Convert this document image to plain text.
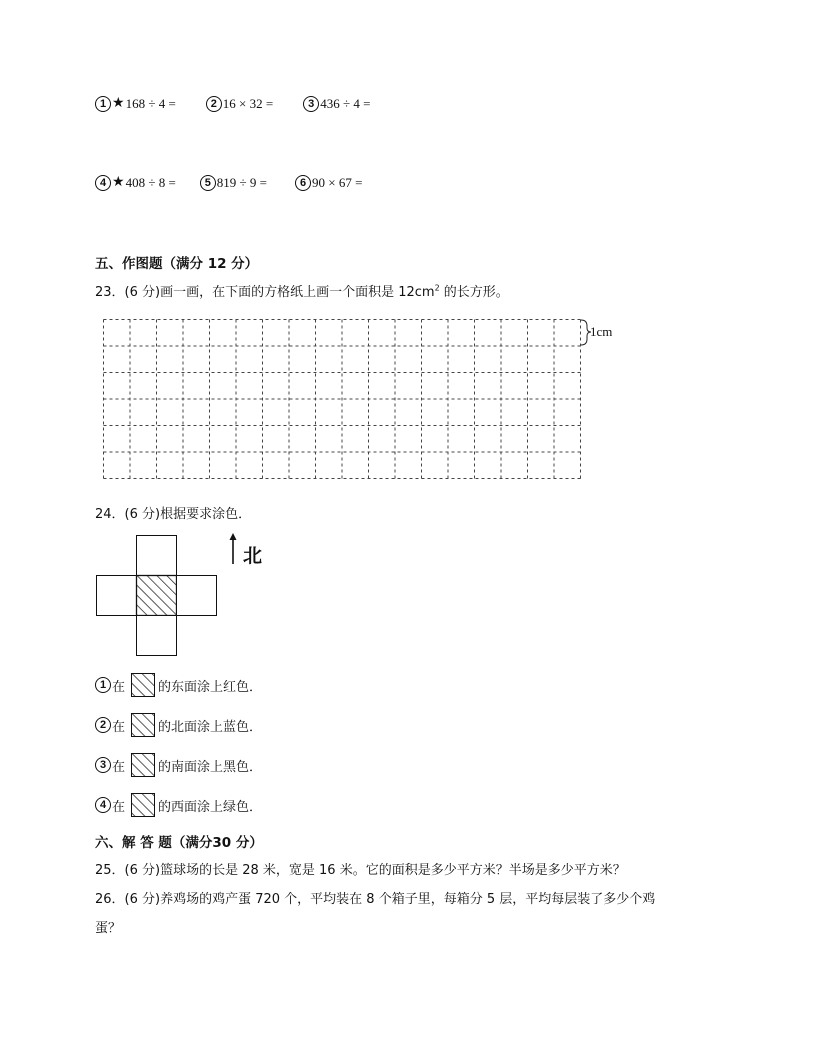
1 ★ 168 ÷ 4 =	2 16 × 32 =	3 436 ÷ 4 =
4 ★ 408 ÷ 8 =	5 819 ÷ 9 =	6 90 × 67 =
五、作图题（满分 12 分）
23．(6 分)画一画，在下面的方格纸上画一个面积是 $12cm^2$ 的长方形。
1cm
24．(6 分)根据要求涂色．
北
1 在	的东面涂上红色．
2 在	的北面涂上蓝色．
3 在	的南面涂上黑色．
4 在	的西面涂上绿色．
六、解 答 题（满分30 分）
25．(6 分)篮球场的长是 28 米，宽是 16 米。它的面积是多少平方米？半场是多少平方米？
26．(6 分)养鸡场的鸡产蛋 720 个，平均装在 8 个箱子里，每箱分 5 层，平均每层装了多少个鸡
蛋？
